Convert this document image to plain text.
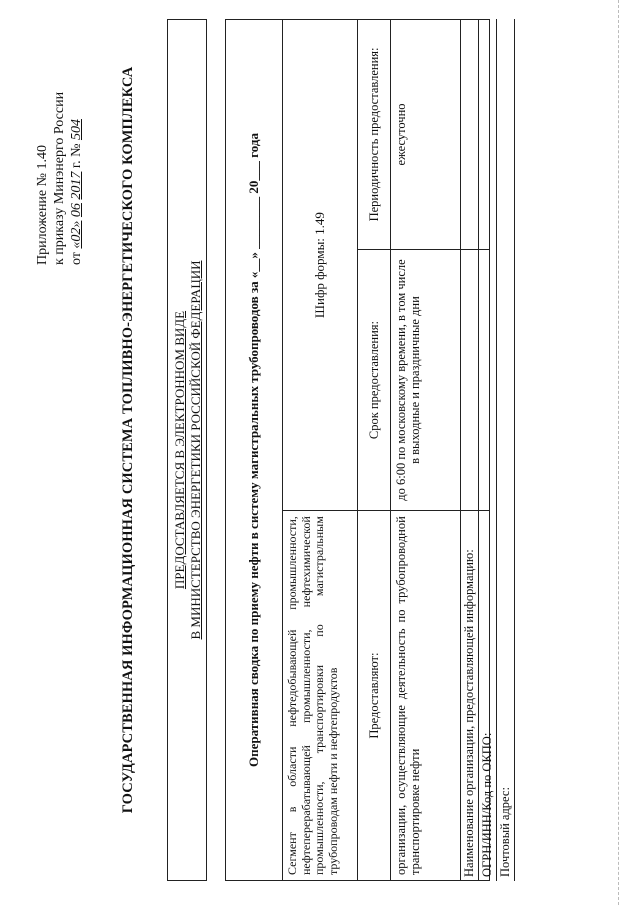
Приложение № 1.40 к приказу Минэнерго России от «02» 06 2017 г. № 504 ГОСУДАРСТВЕННАЯ ИНФОРМАЦИОННАЯ СИСТЕМА ТОПЛИВНО-ЭНЕРГЕТИЧЕСКОГО КОМПЛЕКСА	ПРЕДОСТАВЛЯЕТСЯ В ЭЛЕКТРОННОМ ВИДЕ В МИНИСТЕРСТВО ЭНЕРГЕТИКИ РОССИЙСКОЙ ФЕДЕРАЦИИ	Оперативная сводка по приему нефти в систему магистральных трубопроводов за «__» ________ 20___ года		
Сегмент в области нефтедобывающей промышленности, нефтеперерабатывающей промышленности, нефтехимической промышленности, транспортировки по магистральным трубопроводам нефти и нефтепродуктов	Шифр формы: 1.49	
Предоставляют:	Срок предоставления:	Периодичность предоставления:
организации, осуществляющие деятельность по трубопроводной транспортировке нефти	до 6:00 по московскому времени, в том числе в выходные и праздничные дни	ежесуточно
Наименование организации, предоставляющей информацию: ОГРН/ИНН/Код по ОКПО: Почтовый адрес:
